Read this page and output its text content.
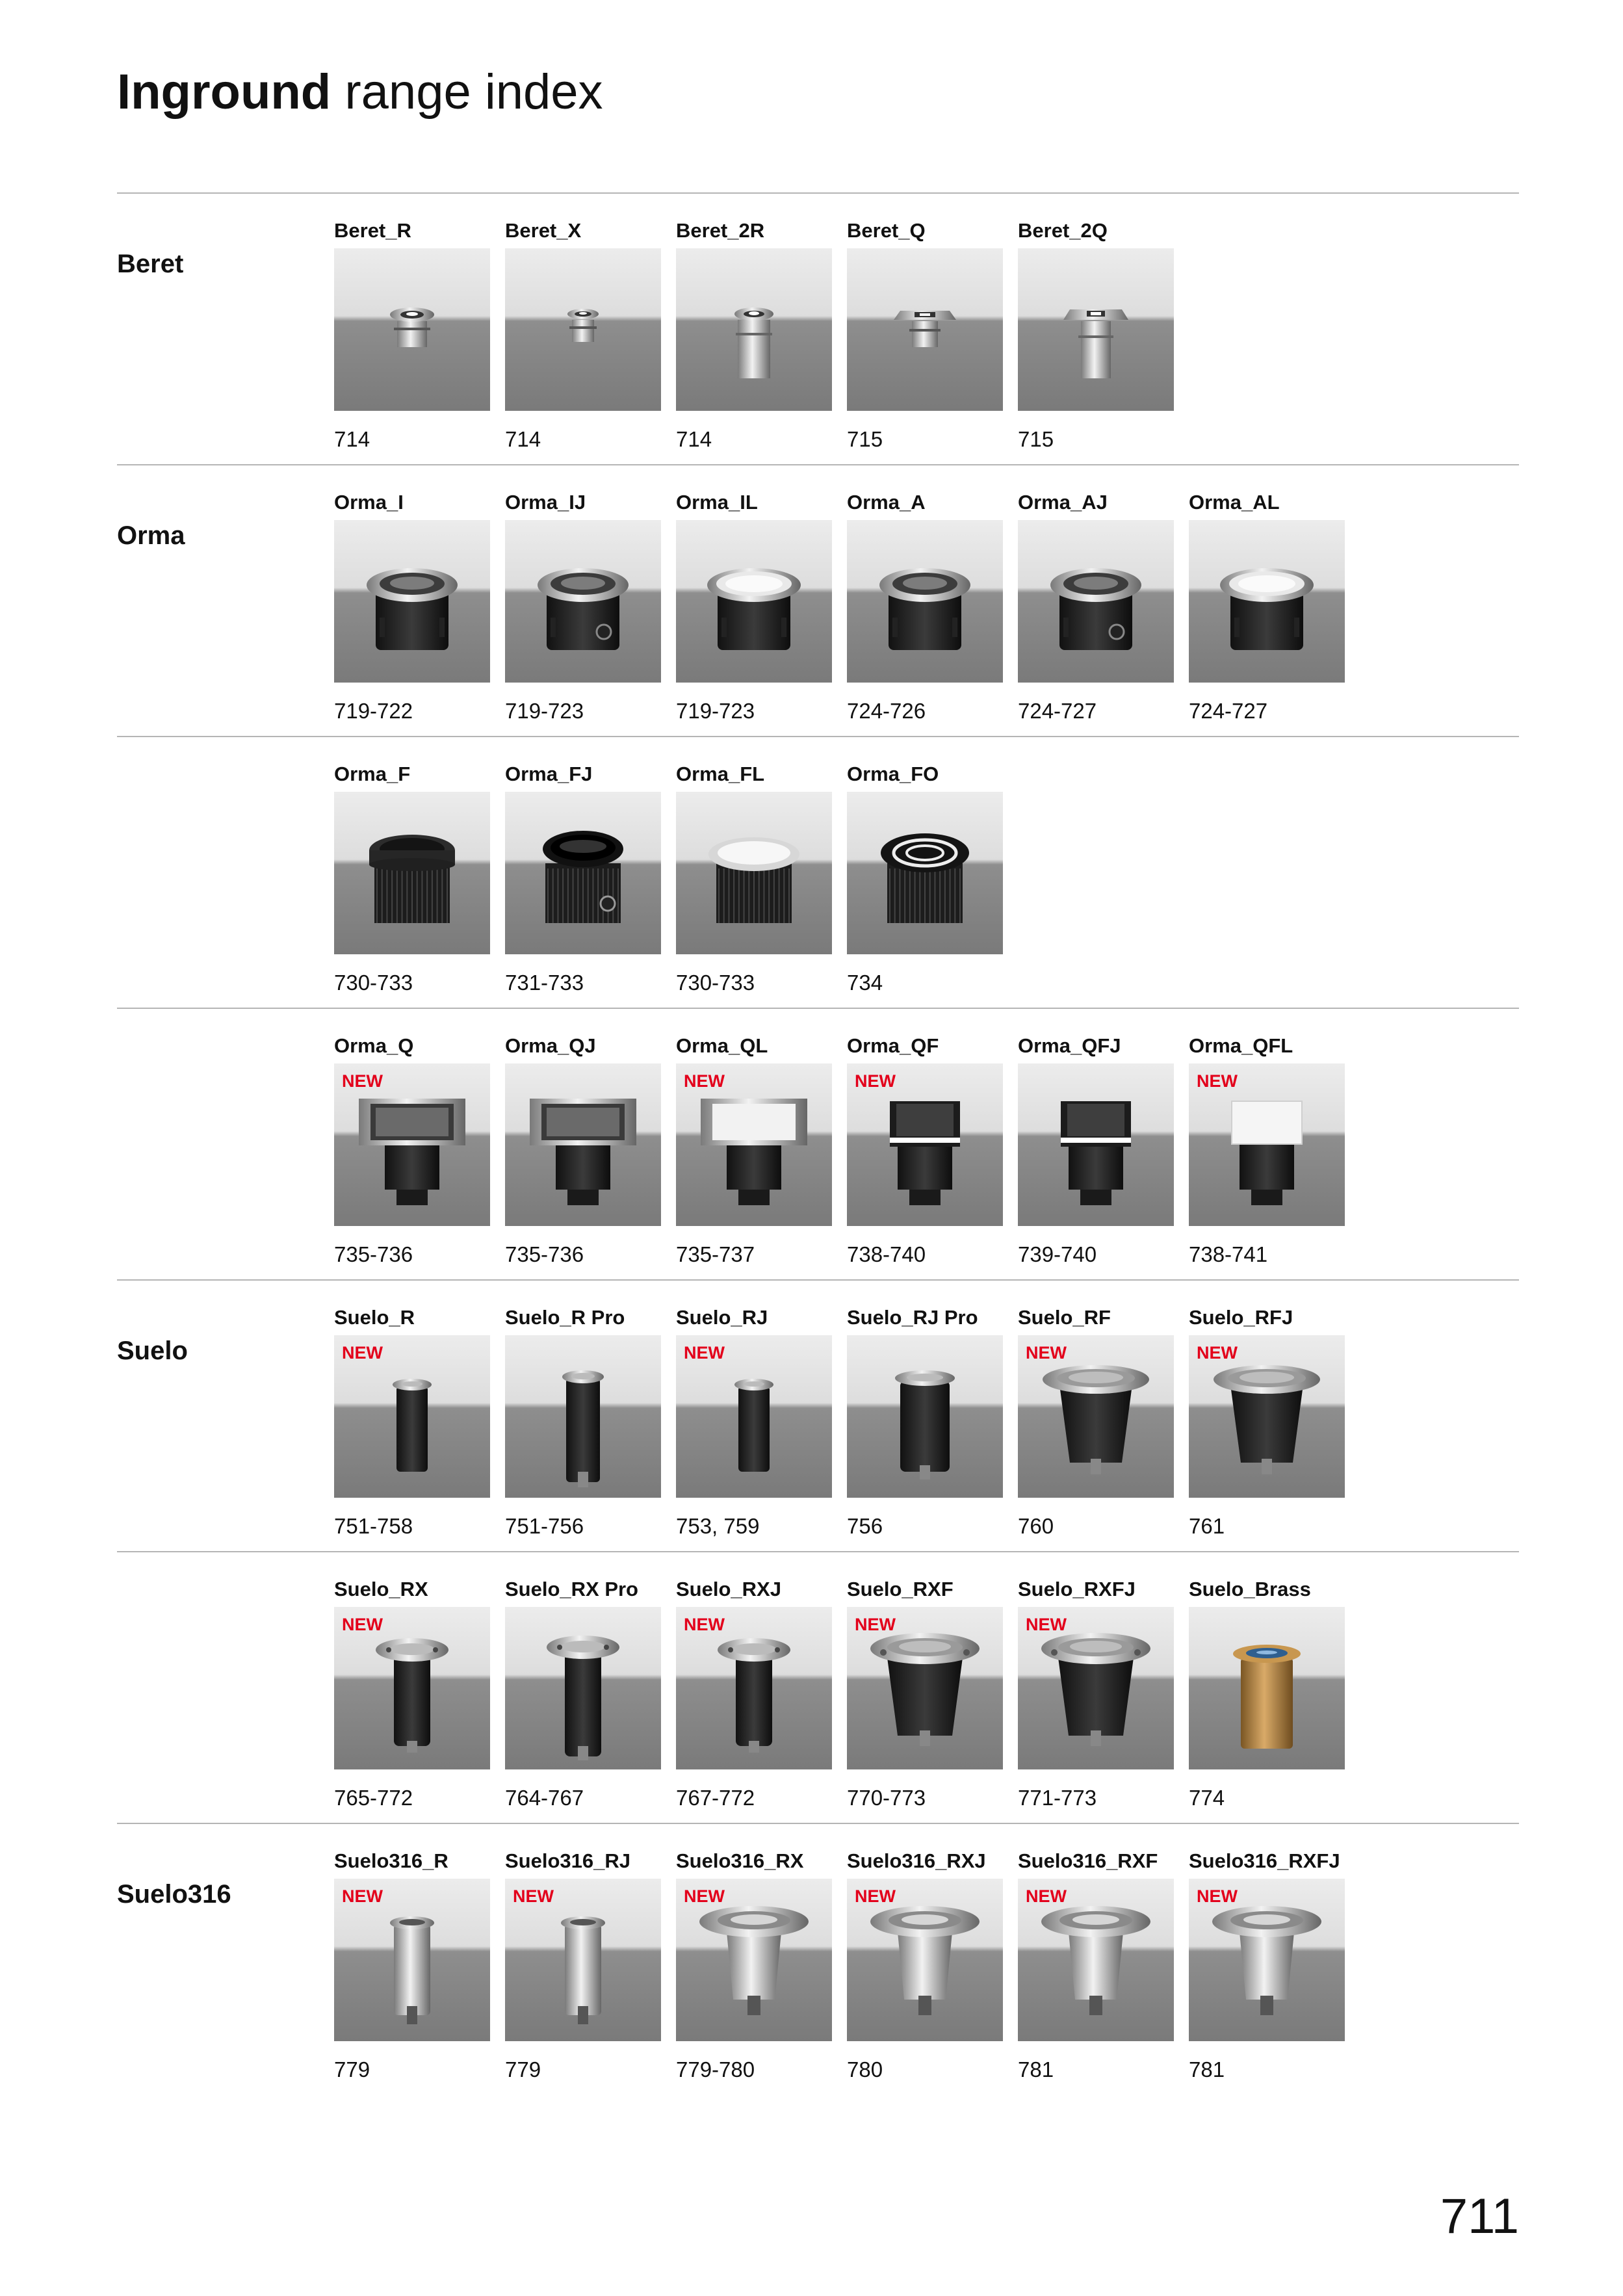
Inground range index
Beret
Beret_R
714
Beret_X
714
Beret_2R
714
Beret_Q
715
Beret_2Q
715
Orma
Orma_I
719-722
Orma_IJ
719-723
Orma_IL
719-723
Orma_A
724-726
Orma_AJ
724-727
Orma_AL
724-727
Orma_F
730-733
Orma_FJ
731-733
Orma_FL
730-733
Orma_FO
734
Orma_Q
NEW
735-736
Orma_QJ
735-736
Orma_QL
NEW
735-737
Orma_QF
NEW
738-740
Orma_QFJ
739-740
Orma_QFL
NEW
738-741
Suelo
Suelo_R
NEW
751-758
Suelo_R Pro
751-756
Suelo_RJ
NEW
753, 759
Suelo_RJ Pro
756
Suelo_RF
NEW
760
Suelo_RFJ
NEW
761
Suelo_RX
NEW
765-772
Suelo_RX Pro
764-767
Suelo_RXJ
NEW
767-772
Suelo_RXF
NEW
770-773
Suelo_RXFJ
NEW
771-773
Suelo_Brass
774
Suelo316
Suelo316_R
NEW
779
Suelo316_RJ
NEW
779
Suelo316_RX
NEW
779-780
Suelo316_RXJ
NEW
780
Suelo316_RXF
NEW
781
Suelo316_RXFJ
NEW
781
711
